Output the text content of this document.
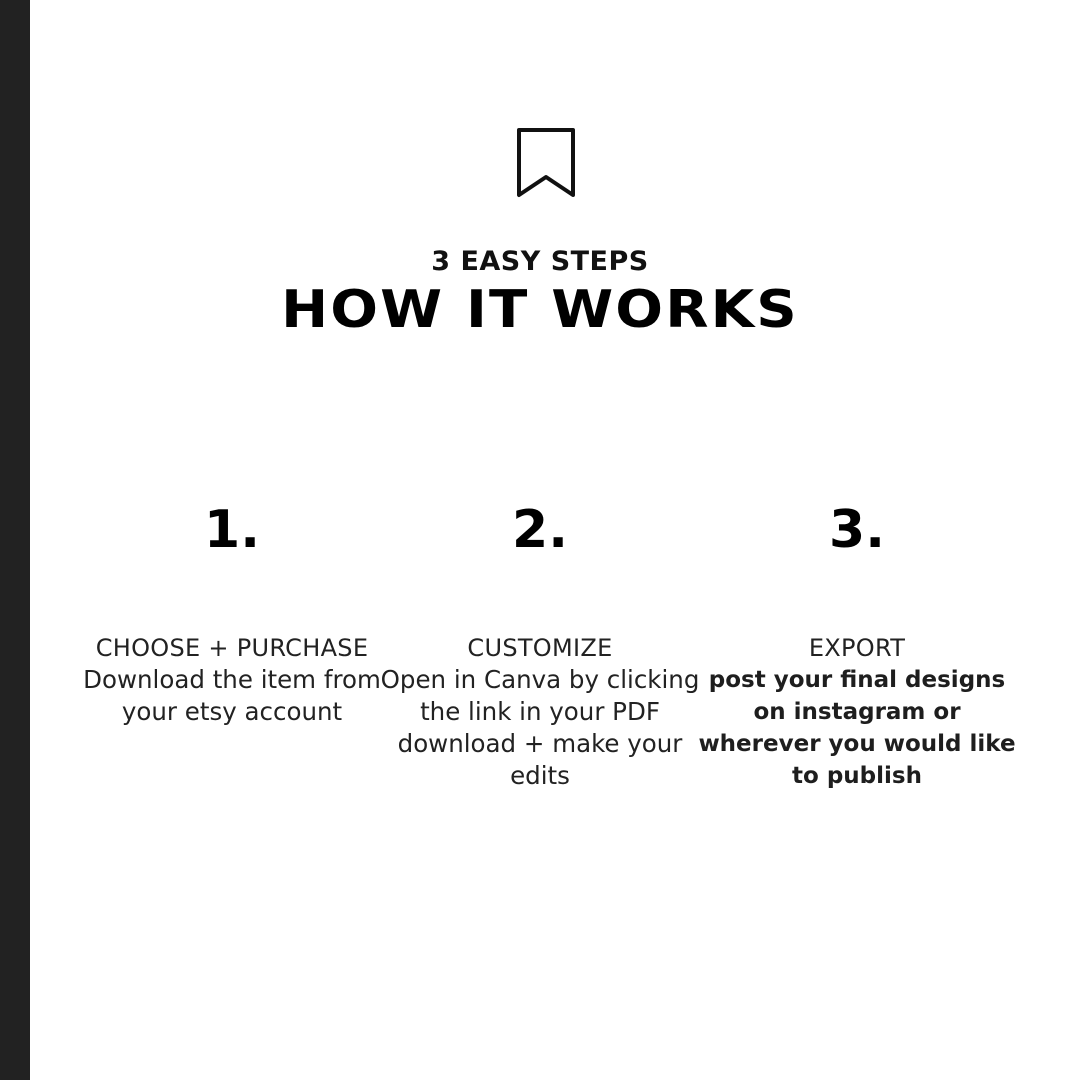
3 EASY STEPS
HOW IT WORKS
1.
CHOOSE + PURCHASE
Download the item from your etsy account
2.
CUSTOMIZE
Open in Canva by clicking the link in your PDF download + make your edits
3.
EXPORT
post your final designs on instagram or wherever you would like to publish
